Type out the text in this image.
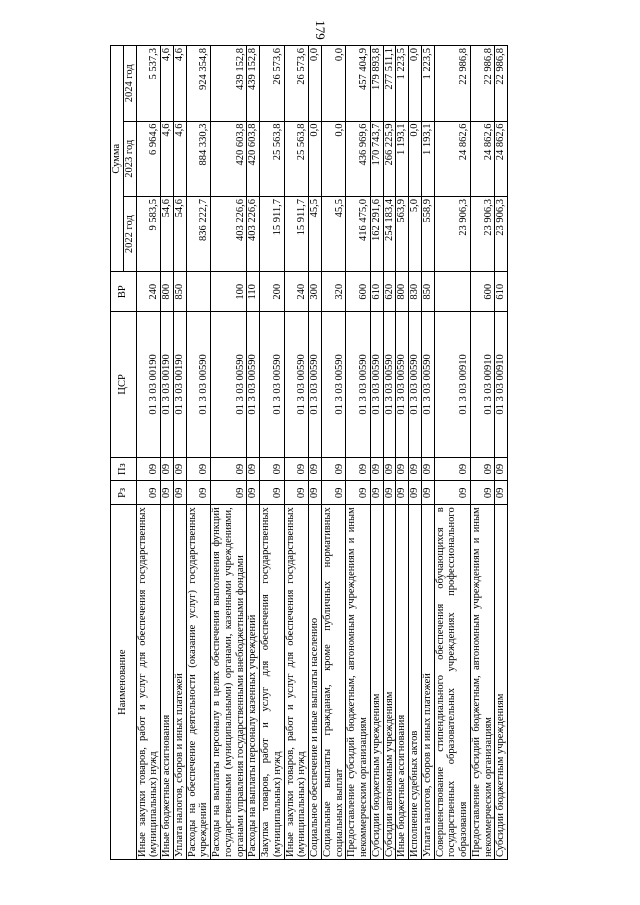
179
Наименование	Рз	Пз	ЦСР	ВР	Сумма		
					2022 год	2023 год	2024 год
Иные закупки товаров, работ и услуг для обеспечения государственных (муниципальных) нужд	09	09	01 3 03 00190	240	9 583,5	6 964,6	5 537,3
Иные бюджетные ассигнования	09	09	01 3 03 00190	800	54,6	4,6	4,6
Уплата налогов, сборов и иных платежей	09	09	01 3 03 00190	850	54,6	4,6	4,6
Расходы на обеспечение деятельности (оказание услуг) государственных учреждений	09	09	01 3 03 00590		836 222,7	884 330,3	924 354,8
Расходы на выплаты персоналу в целях обеспечения выполнения функций государственными (муниципальными) органами, казенными учреждениями, органами управления государственными внебюджетными фондами	09	09	01 3 03 00590	100	403 226,6	420 603,8	439 152,8
Расходы на выплаты персоналу казенных учреждений	09	09	01 3 03 00590	110	403 226,6	420 603,8	439 152,8
Закупка товаров, работ и услуг для обеспечения государственных (муниципальных) нужд	09	09	01 3 03 00590	200	15 911,7	25 563,8	26 573,6
Иные закупки товаров, работ и услуг для обеспечения государственных (муниципальных) нужд	09	09	01 3 03 00590	240	15 911,7	25 563,8	26 573,6
Социальное обеспечение и иные выплаты населению	09	09	01 3 03 00590	300	45,5	0,0	0,0
Социальные выплаты гражданам, кроме публичных нормативных социальных выплат	09	09	01 3 03 00590	320	45,5	0,0	0,0
Предоставление субсидий бюджетным, автономным учреждениям и иным некоммерческим организациям	09	09	01 3 03 00590	600	416 475,0	436 969,6	457 404,9
Субсидии бюджетным учреждениям	09	09	01 3 03 00590	610	162 291,6	170 743,7	179 893,8
Субсидии автономным учреждениям	09	09	01 3 03 00590	620	254 183,4	266 225,9	277 511,1
Иные бюджетные ассигнования	09	09	01 3 03 00590	800	563,9	1 193,1	1 223,5
Исполнение судебных актов	09	09	01 3 03 00590	830	5,0	0,0	0,0
Уплата налогов, сборов и иных платежей	09	09	01 3 03 00590	850	558,9	1 193,1	1 223,5
Совершенствование стипендиального обеспечения обучающихся в государственных образовательных учреждениях профессионального образования	09	09	01 3 03 00910		23 906,3	24 862,6	22 986,8
Предоставление субсидий бюджетным, автономным учреждениям и иным некоммерческим организациям	09	09	01 3 03 00910	600	23 906,3	24 862,6	22 986,8
Субсидии бюджетным учреждениям	09	09	01 3 03 00910	610	23 906,3	24 862,6	22 986,8
